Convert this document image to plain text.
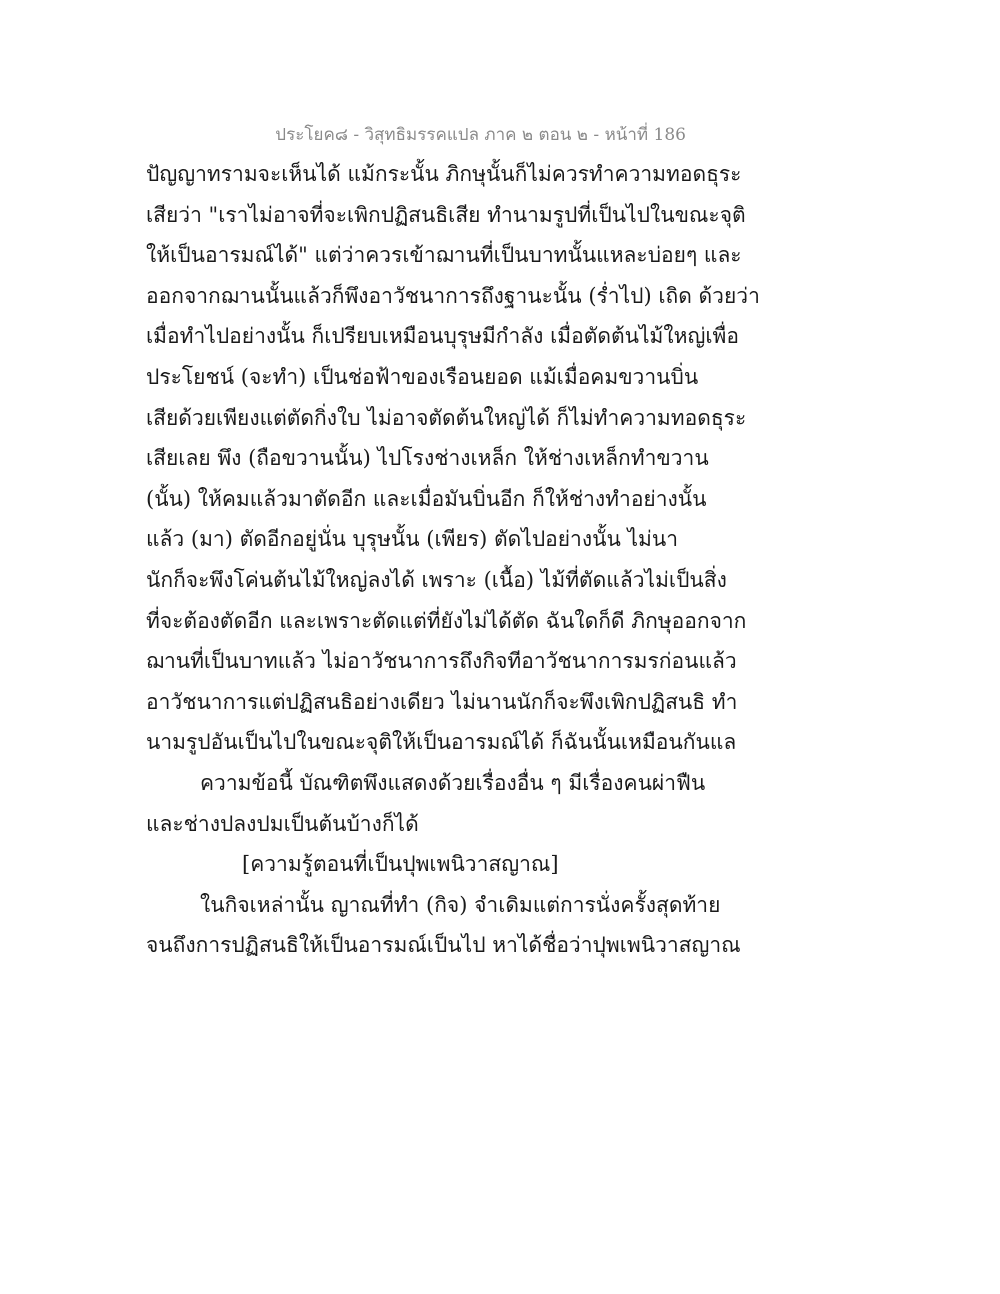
ประโยค๘ - วิสุทธิมรรคแปล ภาค ๒ ตอน ๒ - หน้าที่ 186
ปัญญาทรามจะเห็นได้ แม้กระนั้น ภิกษุนั้นก็ไม่ควรทำความทอดธุระ
เสียว่า "เราไม่อาจที่จะเพิกปฏิสนธิเสีย ทำนามรูปที่เป็นไปในขณะจุติ
ให้เป็นอารมณ์ได้" แต่ว่าควรเข้าฌานที่เป็นบาทนั้นแหละบ่อยๆ และ
ออกจากฌานนั้นแล้วก็พึงอาวัชนาการถึงฐานะนั้น (ร่ำไป) เถิด ด้วยว่า
เมื่อทำไปอย่างนั้น ก็เปรียบเหมือนบุรุษมีกำลัง เมื่อตัดต้นไม้ใหญ่เพื่อ
ประโยชน์ (จะทำ) เป็นช่อฟ้าของเรือนยอด แม้เมื่อคมขวานบิ่น
เสียด้วยเพียงแต่ตัดกิ่งใบ ไม่อาจตัดต้นใหญ่ได้ ก็ไม่ทำความทอดธุระ
เสียเลย พึง (ถือขวานนั้น) ไปโรงช่างเหล็ก ให้ช่างเหล็กทำขวาน
(นั้น) ให้คมแล้วมาตัดอีก และเมื่อมันบิ่นอีก ก็ให้ช่างทำอย่างนั้น
แล้ว (มา) ตัดอีกอยู่นั่น บุรุษนั้น (เพียร) ตัดไปอย่างนั้น ไม่นา
นักก็จะพึงโค่นต้นไม้ใหญ่ลงได้ เพราะ (เนื้อ) ไม้ที่ตัดแล้วไม่เป็นสิ่ง
ที่จะต้องตัดอีก และเพราะตัดแต่ที่ยังไม่ได้ตัด ฉันใดก็ดี ภิกษุออกจาก
ฌานที่เป็นบาทแล้ว ไม่อาวัชนาการถึงกิจทีอาวัชนาการมรก่อนแล้ว
อาวัชนาการแต่ปฏิสนธิอย่างเดียว ไม่นานนักก็จะพึงเพิกปฏิสนธิ ทำ
นามรูปอันเป็นไปในขณะจุติให้เป็นอารมณ์ได้ ก็ฉันนั้นเหมือนกันแล
ความข้อนี้ บัณฑิตพึงแสดงด้วยเรื่องอื่น ๆ มีเรื่องคนผ่าฟืน
และช่างปลงปมเป็นต้นบ้างก็ได้
[ความรู้ตอนที่เป็นปุพเพนิวาสญาณ]
ในกิจเหล่านั้น ญาณที่ทำ (กิจ) จำเดิมแต่การนั่งครั้งสุดท้าย
จนถึงการปฏิสนธิให้เป็นอารมณ์เป็นไป หาได้ชื่อว่าปุพเพนิวาสญาณ
